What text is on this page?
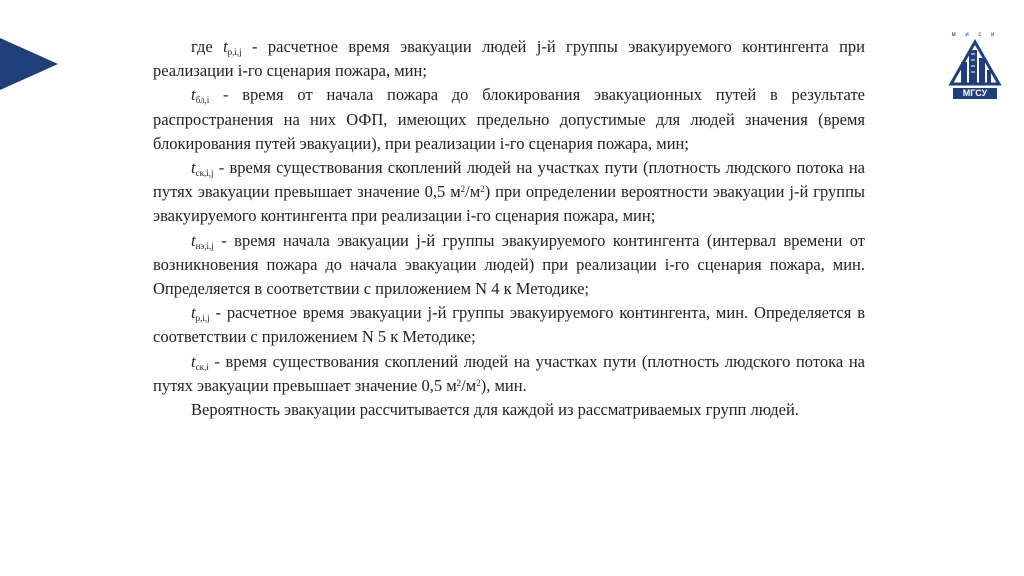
м и с и
МГСУ

где $t_{р,i,j}$ - расчетное время эвакуации людей j-й группы эвакуируемого контингента при реализации i-го сценария пожара, мин;

$t_{бл,i}$ - время от начала пожара до блокирования эвакуационных путей в результате распространения на них ОФП, имеющих предельно допустимые для людей значения (время блокирования путей эвакуации), при реализации i-го сценария пожара, мин;

$t_{ск,i,j}$ - время существования скоплений людей на участках пути (плотность людского потока на путях эвакуации превышает значение 0,5 $м^2/м^2$) при определении вероятности эвакуации j-й группы эвакуируемого контингента при реализации i-го сценария пожара, мин;

$t_{нэ,i,j}$ - время начала эвакуации j-й группы эвакуируемого контингента (интервал времени от возникновения пожара до начала эвакуации людей) при реализации i-го сценария пожара, мин. Определяется в соответствии с приложением N 4 к Методике;

$t_{р,i,j}$ - расчетное время эвакуации j-й группы эвакуируемого контингента, мин. Определяется в соответствии с приложением N 5 к Методике;

$t_{ск,i}$ - время существования скоплений людей на участках пути (плотность людского потока на путях эвакуации превышает значение 0,5 $м^2/м^2$), мин.

Вероятность эвакуации рассчитывается для каждой из рассматриваемых групп людей.
